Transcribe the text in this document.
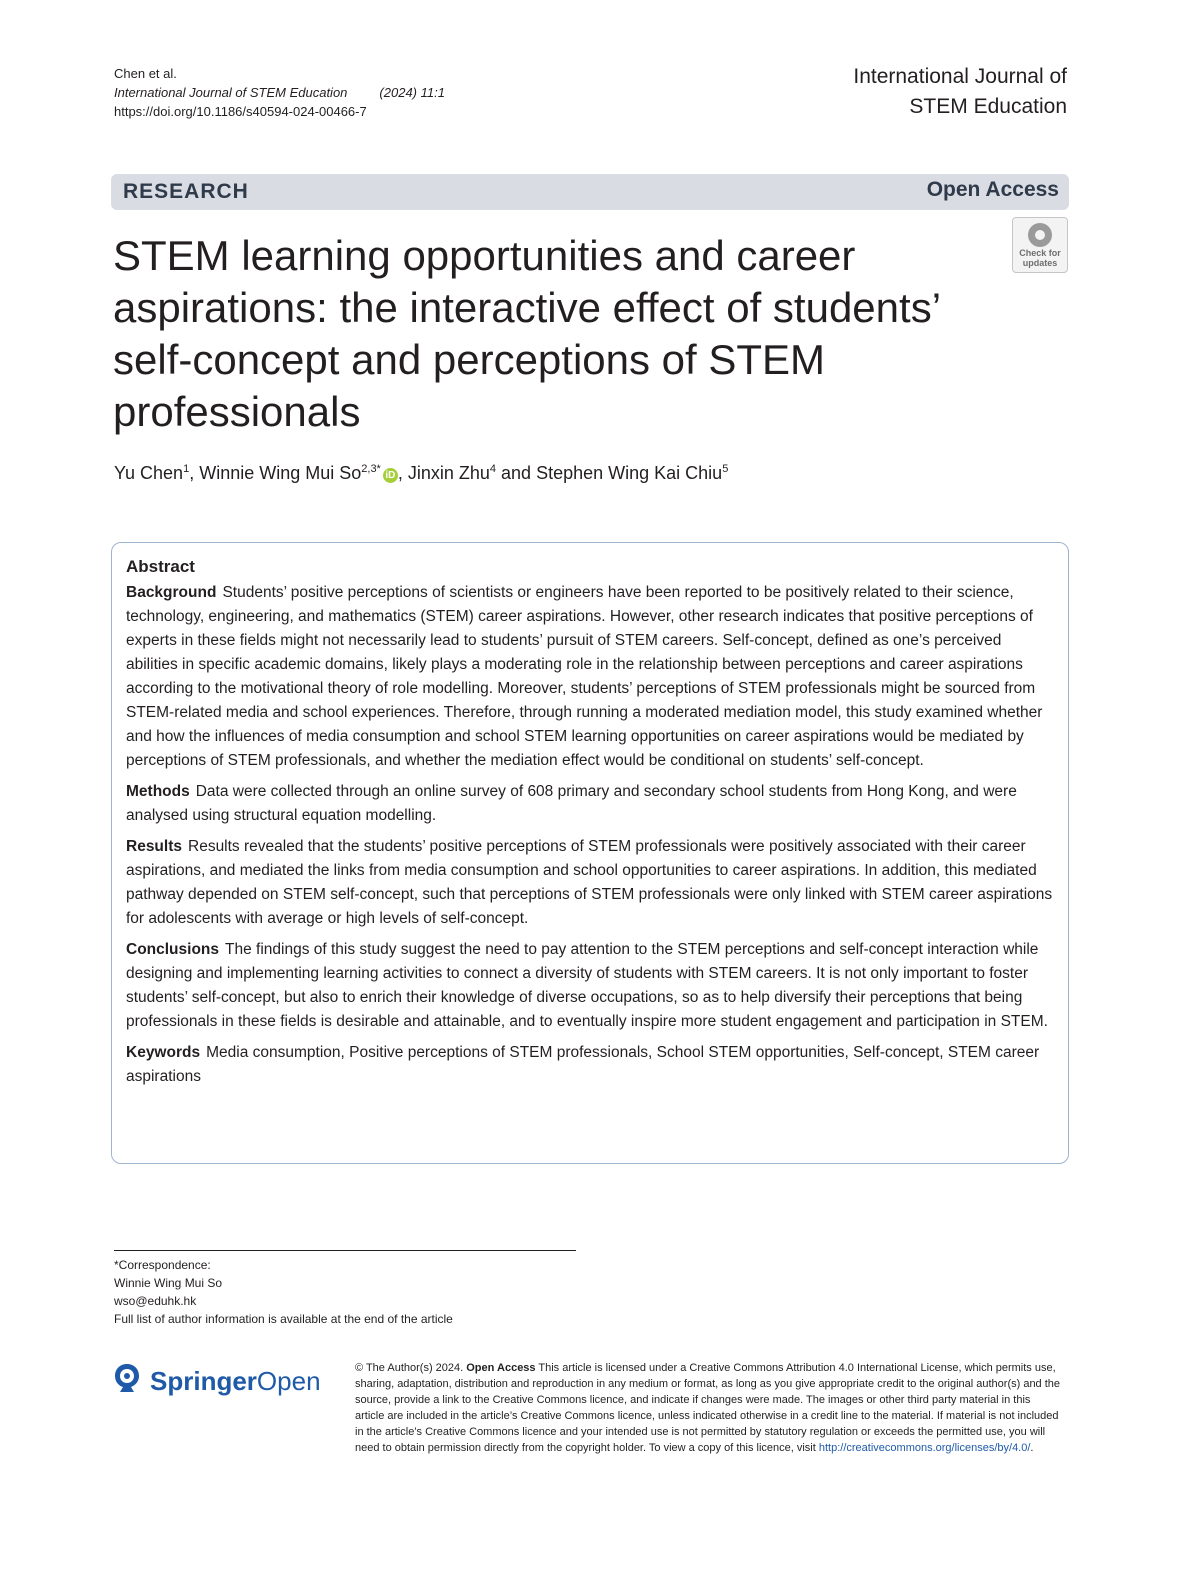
Chen et al.
International Journal of STEM Education (2024) 11:1
https://doi.org/10.1186/s40594-024-00466-7
International Journal of
STEM Education
RESEARCH	Open Access
STEM learning opportunities and career aspirations: the interactive effect of students’ self-concept and perceptions of STEM professionals
Check for
updates
Yu Chen$^1$, Winnie Wing Mui $So^{2,3*}iD$ , Jinxin Zhu$^4$ and Stephen Wing Kai Chiu$^5$
Abstract

Background Students’ positive perceptions of scientists or engineers have been reported to be positively related to their science, technology, engineering, and mathematics (STEM) career aspirations. However, other research indicates that positive perceptions of experts in these fields might not necessarily lead to students’ pursuit of STEM careers. Self-concept, defined as one’s perceived abilities in specific academic domains, likely plays a moderating role in the relationship between perceptions and career aspirations according to the motivational theory of role modelling. Moreover, students’ perceptions of STEM professionals might be sourced from STEM-related media and school experiences. Therefore, through running a moderated mediation model, this study examined whether and how the influences of media consumption and school STEM learning opportunities on career aspirations would be mediated by perceptions of STEM professionals, and whether the mediation effect would be conditional on students’ self-concept.

Methods Data were collected through an online survey of 608 primary and secondary school students from Hong Kong, and were analysed using structural equation modelling.

Results Results revealed that the students’ positive perceptions of STEM professionals were positively associated with their career aspirations, and mediated the links from media consumption and school opportunities to career aspirations. In addition, this mediated pathway depended on STEM self-concept, such that perceptions of STEM professionals were only linked with STEM career aspirations for adolescents with average or high levels of self-concept.

Conclusions The findings of this study suggest the need to pay attention to the STEM perceptions and self-concept interaction while designing and implementing learning activities to connect a diversity of students with STEM careers. It is not only important to foster students’ self-concept, but also to enrich their knowledge of diverse occupations, so as to help diversify their perceptions that being professionals in these fields is desirable and attainable, and to eventually inspire more student engagement and participation in STEM.

Keywords Media consumption, Positive perceptions of STEM professionals, School STEM opportunities, Self-concept, STEM career aspirations

*Correspondence:
Winnie Wing Mui So
wso@eduhk.hk
Full list of author information is available at the end of the article
SpringerOpen	© The Author(s) 2024. Open Access This article is licensed under a Creative Commons Attribution 4.0 International License, which permits use, sharing, adaptation, distribution and reproduction in any medium or format, as long as you give appropriate credit to the original author(s) and the source, provide a link to the Creative Commons licence, and indicate if changes were made. The images or other third party material in this article are included in the article’s Creative Commons licence, unless indicated otherwise in a credit line to the material. If material is not included in the article’s Creative Commons licence and your intended use is not permitted by statutory regulation or exceeds the permitted use, you will need to obtain permission directly from the copyright holder. To view a copy of this licence, visit http://creativecommons.org/licenses/by/4.0/.
